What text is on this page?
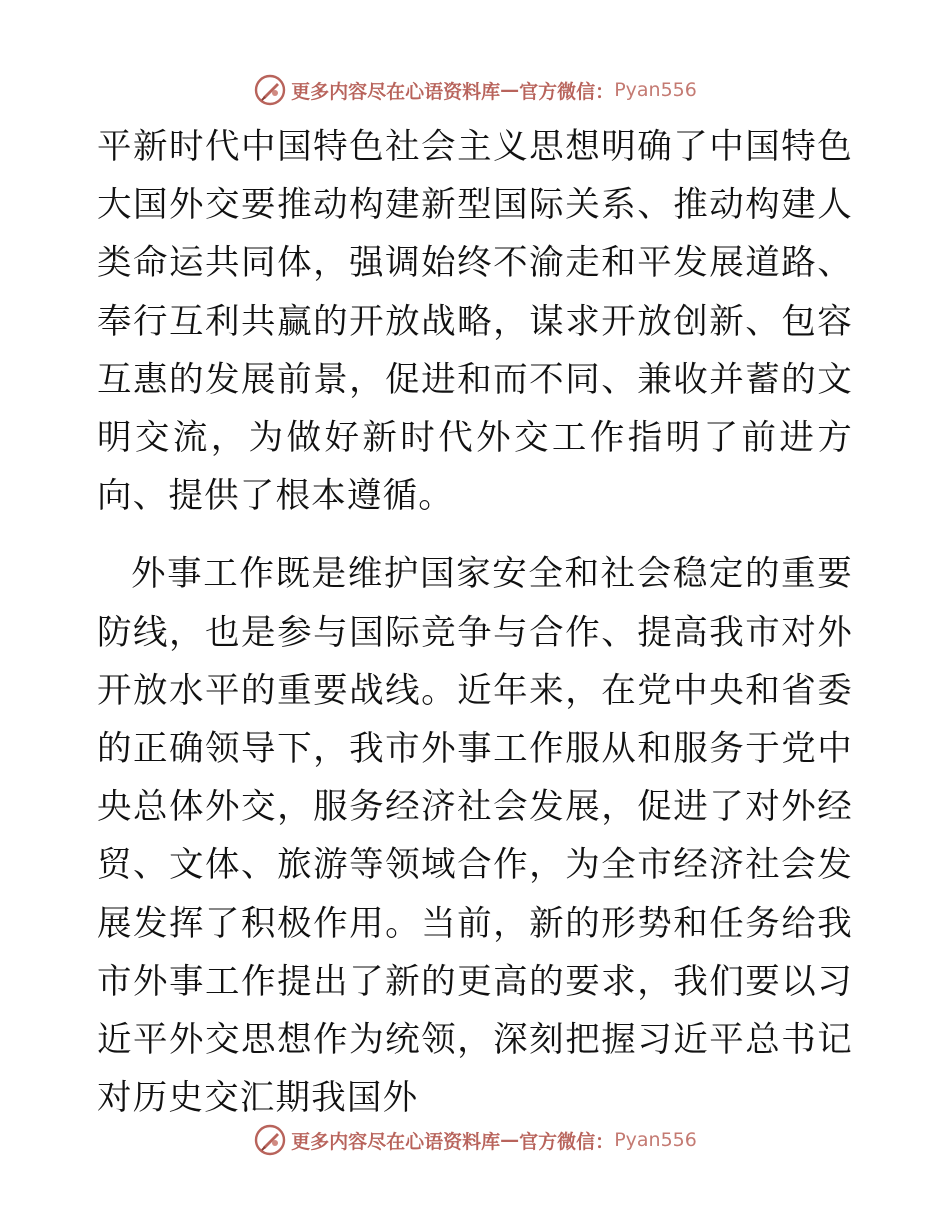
更多内容尽在心语资料库 — 官方微信： Pyan556

平新时代中国特色社会主义思想明确了中国特色大国外交要推动构建新型国际关系、推动构建人类命运共同体，强调始终不渝走和平发展道路、奉行互利共赢的开放战略，谋求开放创新、包容互惠的发展前景，促进和而不同、兼收并蓄的文明交流，为做好新时代外交工作指明了前进方向、提供了根本遵循。

外事工作既是维护国家安全和社会稳定的重要防线，也是参与国际竞争与合作、提高我市对外开放水平的重要战线。近年来，在党中央和省委的正确领导下，我市外事工作服从和服务于党中央总体外交，服务经济社会发展，促进了对外经贸、文体、旅游等领域合作，为全市经济社会发展发挥了积极作用。当前，新的形势和任务给我市外事工作提出了新的更高的要求，我们要以习近平外交思想作为统领，深刻把握习近平总书记对历史交汇期我国外

更多内容尽在心语资料库 — 官方微信： Pyan556
